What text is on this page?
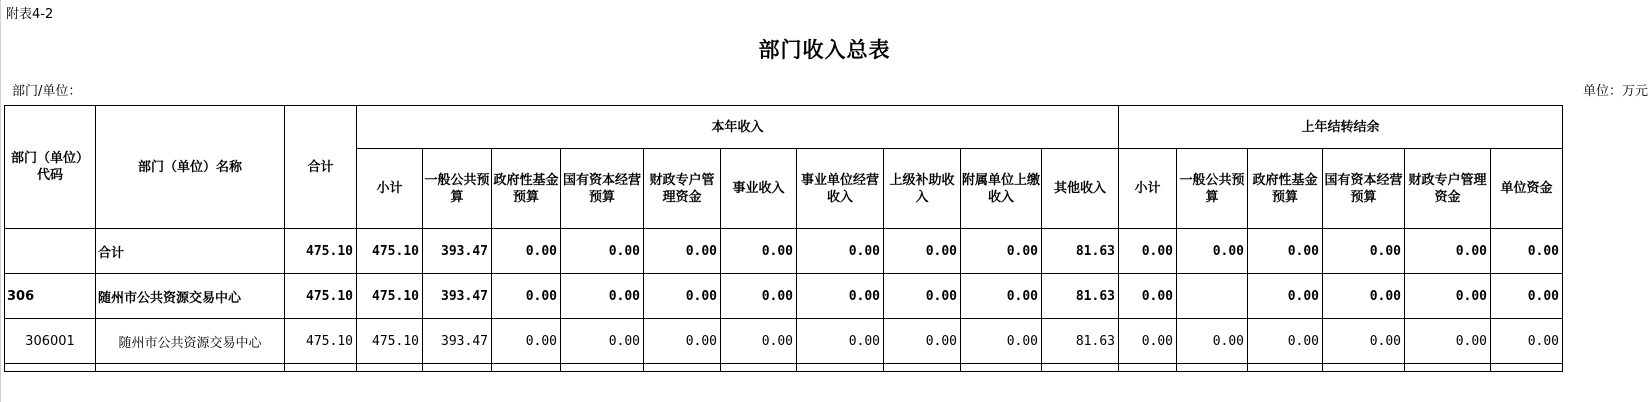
附表4-2
部门收入总表
部门/单位：	单位：万元
部门（单位）代码	部门（单位）名称	合计	本年收入										上年结转结余					
			小计	一般公共预算	政府性基金预算	国有资本经营预算	财政专户管理资金	事业收入	事业单位经营收入	上级补助收入	附属单位上缴收入	其他收入	小计	一般公共预算	政府性基金预算	国有资本经营预算	财政专户管理资金	单位资金
	合计	475.10	475.10	393.47	0.00	0.00	0.00	0.00	0.00	0.00	0.00	81.63	0.00	0.00	0.00	0.00	0.00	0.00
306	随州市公共资源交易中心	475.10	475.10	393.47	0.00	0.00	0.00	0.00	0.00	0.00	0.00	81.63	0.00		0.00	0.00	0.00	0.00
306001	随州市公共资源交易中心	475.10	475.10	393.47	0.00	0.00	0.00	0.00	0.00	0.00	0.00	81.63	0.00	0.00	0.00	0.00	0.00	0.00
